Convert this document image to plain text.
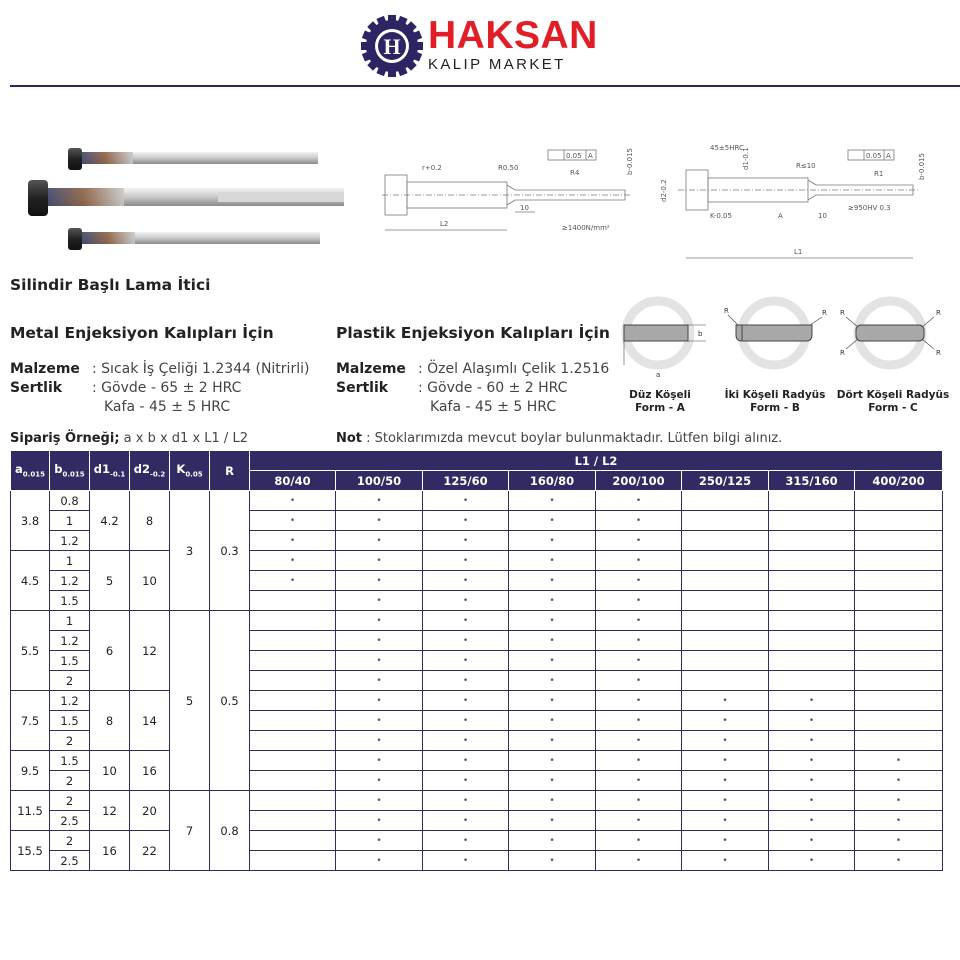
H HAKSAN
KALIP MARKET
r+0.2	R0.50
0.05 A
R4	b-0.015
10
L2	≥1400N/mm²
45±5HRC
d1-0.1
d2-0.2
R≤10
0.05 A
R1	b-0.015
K-0.05	A	10
≥950HV 0.3
L1
Silindir Başlı Lama İtici
Metal Enjeksiyon Kalıpları İçin
Malzeme : Sıcak İş Çeliği 1.2344 (Nitrirli)
Sertlik : Gövde - 65 ± 2 HRC
Kafa - 45 ± 5 HRC
Plastik Enjeksiyon Kalıpları İçin
Malzeme : Özel Alaşımlı Çelik 1.2516
Sertlik : Gövde - 60 ± 2 HRC
Kafa - 45 ± 5 HRC
b
a
Düz Köşeli
Form - A
R	R
İki Köşeli Radyüs
Form - B
R	R
R	R
Dört Köşeli Radyüs
Form - C
Sipariş Örneği; a x b x d1 x L1 / L2	Not : Stoklarımızda mevcut boylar bulunmaktadır. Lütfen bilgi alınız.
$a_{0.015}$	$b_{0.015}$	$d1_{-0.1}$	$d2_{-0.2}$	$K_{0.05}$	R	L1 / L2							
						80/40	100/50	125/60	160/80	200/100	250/125	315/160	400/200
3.8	0.8	4.2	8	3	0.3	•	•	•	•	•			
	1					•	•	•	•	•			
	1.2					•	•	•	•	•			
4.5	1	5	10			•	•	•	•	•			
	1.2					•	•	•	•	•			
	1.5						•	•	•	•			
5.5	1	6	12	5	0.5		•	•	•	•			
	1.2						•	•	•	•			
	1.5						•	•	•	•			
	2						•	•	•	•			
7.5	1.2	8	14				•	•	•	•	•	•	
	1.5						•	•	•	•	•	•	
	2						•	•	•	•	•	•	
9.5	1.5	10	16				•	•	•	•	•	•	•
	2						•	•	•	•	•	•	•
11.5	2	12	20	7	0.8		•	•	•	•	•	•	•
	2.5						•	•	•	•	•	•	•
15.5	2	16	22				•	•	•	•	•	•	•
	2.5						•	•	•	•	•	•	•
